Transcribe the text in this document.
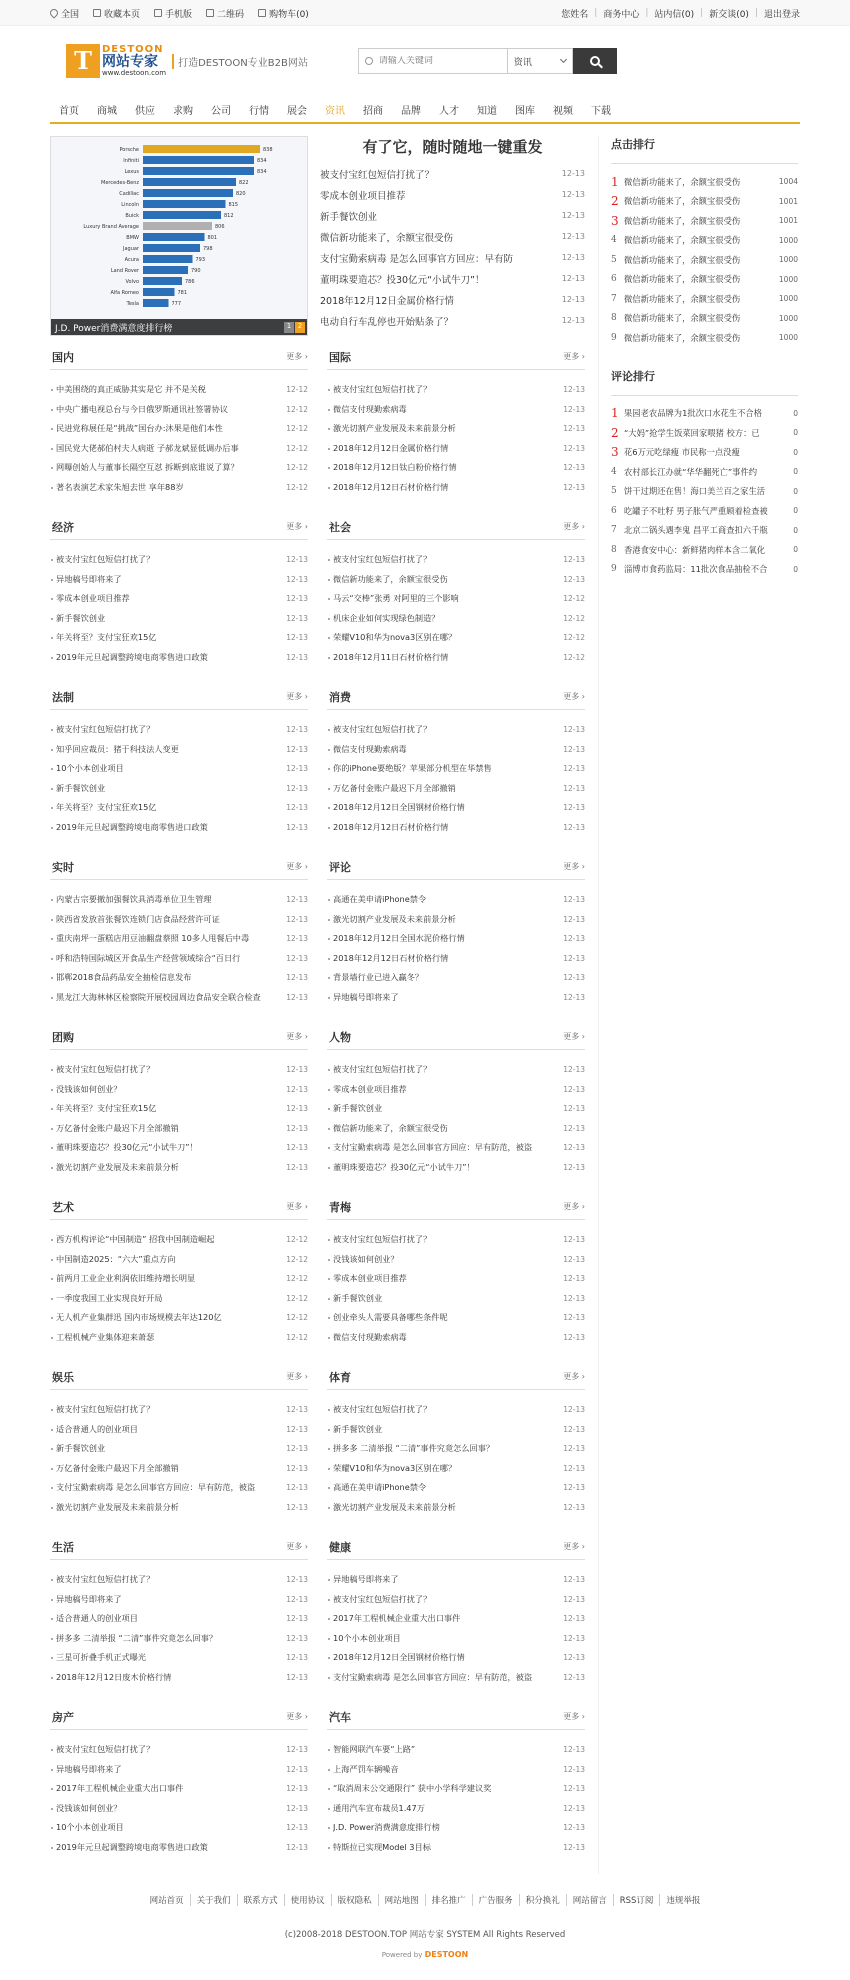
全国	收藏本页	手机版	二维码	购物车(0)	您姓名 | 商务中心 | 站内信(0) | 新交谈(0) | 退出登录
T	DESTOON
网站专家
www.destoon.com
打造DESTOON专业B2B网站
请输入关键词	资讯
首页	商城	供应	求购	公司	行情	展会	资讯	招商	品牌	人才	知道	图库	视频	下载
Porsche	838
Infiniti	834
Lexus	834
Mercedes-Benz	822
Cadillac	820
Lincoln	815
Buick	812
Luxury Brand Average	806
BMW	801
Jaguar	798
Acura	793
Land Rover	790
Volvo	786
Alfa Romeo	781
Tesla	777
J.D. Power消费满意度排行榜	1 2
有了它，随时随地一键重发
被支付宝红包短信打扰了？	12-13
零成本创业项目推荐	12-13
新手餐饮创业	12-13
微信新功能来了，余额宝很受伤	12-13
支付宝勤索病毒 是怎么回事官方回应：早有防	12-13
董明珠要造芯？投30亿元“小试牛刀”！	12-13
2018年12月12日金属价格行情	12-13
电动自行车乱停也开始贴条了？	12-13
国内	更多 ›
中美围绕的真正威胁其实是它 并不是关税	12-12
中央广播电视总台与今日俄罗斯通讯社签署协议	12-12
民进党称展任是“挑战”国台办:沐果是他们本性	12-12
国民党大佬郝伯村夫人病逝 子郝龙斌显低调办后事	12-12
网曝创始人与董事长隔空互怼 拆断到底谁说了算？	12-12
著名表演艺术家朱旭去世 享年88岁	12-12
国际	更多 ›
被支付宝红包短信打扰了？	12-13
微信支付现勤索病毒	12-13
激光切割产业发展及未来前景分析	12-13
2018年12月12日金属价格行情	12-13
2018年12月12日钛白粉价格行情	12-13
2018年12月12日石材价格行情	12-13
经济	更多 ›
被支付宝红包短信打扰了？	12-13
异地稿号即将来了	12-13
零成本创业项目推荐	12-13
新手餐饮创业	12-13
年关将至？支付宝狂欢15亿	12-13
2019年元旦起调整跨境电商零售进口政策	12-13
社会	更多 ›
被支付宝红包短信打扰了？	12-13
微信新功能来了，余额宝很受伤	12-13
马云“交棒”张勇 对阿里的三个影响	12-12
机床企业如何实现绿色制造？	12-12
荣耀V10和华为nova3区别在哪？	12-12
2018年12月11日石材价格行情	12-12
法制	更多 ›
被支付宝红包短信打扰了？	12-13
知乎回应裁员：猪于科技法人变更	12-13
10个小本创业项目	12-13
新手餐饮创业	12-13
年关将至？支付宝狂欢15亿	12-13
2019年元旦起调整跨境电商零售进口政策	12-13
消费	更多 ›
被支付宝红包短信打扰了？	12-13
微信支付现勤索病毒	12-13
你的iPhone要绝版？苹果部分机型在华禁售	12-13
万亿备付金账户最迟下月全部撤销	12-13
2018年12月12日全国钢材价格行情	12-13
2018年12月12日石材价格行情	12-13
实时	更多 ›
内蒙古宗要撤加强餐饮具消毒单位卫生管理	12-13
陕西省发放首张餐饮连锁门店食品经营许可证	12-13
重庆南坪一蛋糕店用豆油翻盘蔡照 10多人甩餐后中毒	12-13
呼和浩特国际城区开食品生产经营领域综合“百日行	12-13
邯郸2018食品药品安全抽检信息发布	12-13
黑龙江大海林林区检察院开展校园周边食品安全联合检查	12-13
评论	更多 ›
高通在美申请iPhone禁令	12-13
激光切割产业发展及未来前景分析	12-13
2018年12月12日全国水泥价格行情	12-13
2018年12月12日石材价格行情	12-13
背景墙行业已进入赢冬？	12-13
异地稿号即将来了	12-13
团购	更多 ›
被支付宝红包短信打扰了？	12-13
没钱该如何创业？	12-13
年关将至？支付宝狂欢15亿	12-13
万亿备付金账户最迟下月全部撤销	12-13
董明珠要造芯？投30亿元“小试牛刀”！	12-13
激光切割产业发展及未来前景分析	12-13
人物	更多 ›
被支付宝红包短信打扰了？	12-13
零成本创业项目推荐	12-13
新手餐饮创业	12-13
微信新功能来了，余额宝很受伤	12-13
支付宝勤索病毒 是怎么回事官方回应：早有防范，被盗	12-13
董明珠要造芯？投30亿元“小试牛刀”！	12-13
艺术	更多 ›
西方机构评论“中国制造” 招我中国制造崛起	12-12
中国制造2025：“六大”重点方向	12-12
前两月工业企业利润依旧维持增长明显	12-12
一季度我国工业实现良好开局	12-12
无人机产业集群迅 国内市场规模去年达120亿	12-12
工程机械产业集体迎来萧瑟	12-12
青梅	更多 ›
被支付宝红包短信打扰了？	12-13
没钱该如何创业？	12-13
零成本创业项目推荐	12-13
新手餐饮创业	12-13
创业牵头人需要具备哪些条件呢	12-13
微信支付现勤索病毒	12-13
娱乐	更多 ›
被支付宝红包短信打扰了？	12-13
适合普通人的创业项目	12-13
新手餐饮创业	12-13
万亿备付金账户最迟下月全部撤销	12-13
支付宝勤索病毒 是怎么回事官方回应：早有防范，被盗	12-13
激光切割产业发展及未来前景分析	12-13
体育	更多 ›
被支付宝红包短信打扰了？	12-13
新手餐饮创业	12-13
拼多多 二清举报 “二清”事件究竟怎么回事？	12-13
荣耀V10和华为nova3区别在哪？	12-13
高通在美申请iPhone禁令	12-13
激光切割产业发展及未来前景分析	12-13
生活	更多 ›
被支付宝红包短信打扰了？	12-13
异地稿号即将来了	12-13
适合普通人的创业项目	12-13
拼多多 二清举报 “二清”事件究竟怎么回事？	12-13
三星可折叠手机正式曝光	12-13
2018年12月12日废木价格行情	12-13
健康	更多 ›
异地稿号即将来了	12-13
被支付宝红包短信打扰了？	12-13
2017年工程机械企业重大出口事件	12-13
10个小本创业项目	12-13
2018年12月12日全国钢材价格行情	12-13
支付宝勤索病毒 是怎么回事官方回应：早有防范，被盗	12-13
房产	更多 ›
被支付宝红包短信打扰了？	12-13
异地稿号即将来了	12-13
2017年工程机械企业重大出口事件	12-13
没钱该如何创业？	12-13
10个小本创业项目	12-13
2019年元旦起调整跨境电商零售进口政策	12-13
汽车	更多 ›
智能网联汽车要“上路”	12-13
上海严罚车辆噪音	12-13
“取消周末公交通限行” 获中小学科学建议奖	12-13
通用汽车宣布裁员1.47万	12-13
J.D. Power消费满意度排行榜	12-13
特斯拉已实现Model 3目标	12-13
点击排行
1 微信新功能来了，余额宝很受伤	1004
2 微信新功能来了，余额宝很受伤	1001
3 微信新功能来了，余额宝很受伤	1001
4 微信新功能来了，余额宝很受伤	1000
5 微信新功能来了，余额宝很受伤	1000
6 微信新功能来了，余额宝很受伤	1000
7 微信新功能来了，余额宝很受伤	1000
8 微信新功能来了，余额宝很受伤	1000
9 微信新功能来了，余额宝很受伤	1000
评论排行
1 果园老农品牌为1批次口水花生不合格	0
2 “大妈”抢学生饭菜回家喂猪 校方：已	0
3 花6万元吃绿瘦 市民称一点没瘦	0
4 农村部长江办就“华华翻死亡”事件约	0
5 饼干过期还在售！海口美兰百之家生活	0
6 吃罐子不吐籽 男子胀气严重顾着检查被	0
7 北京二锅头遇李鬼 昌平工商查扣六千瓶	0
8 香港食安中心：新鲜猪肉样本含二氧化	0
9 淄博市食药监局：11批次食品抽检不合	0
网站首页	关于我们	联系方式	使用协议	版权隐私	网站地图	排名推广	广告服务	积分换礼	网站留言	RSS订阅	违规举报
(c)2008-2018 DESTOON.TOP 网站专家 SYSTEM All Rights Reserved
Powered by DESTOON
